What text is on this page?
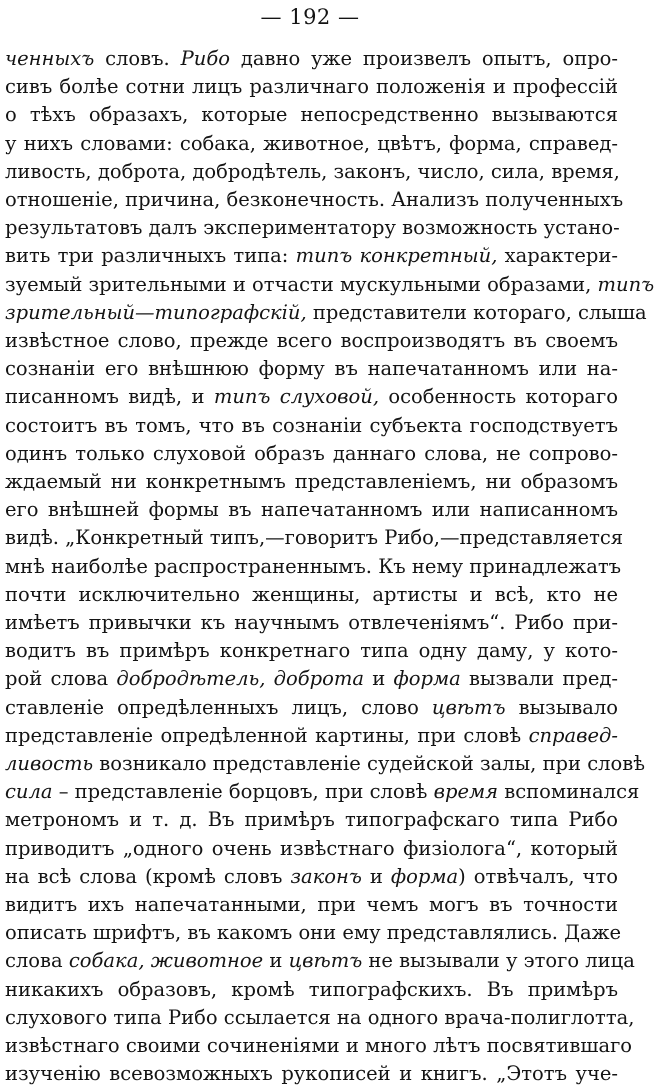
— 192 —
ченныхъ словъ. Рибо давно уже произвелъ опытъ, опро-
сивъ болѣе сотни лицъ различнаго положенія и профессій
о тѣхъ образахъ, которые непосредственно вызываются
у нихъ словами: собака, животное, цвѣтъ, форма, справед-
ливость, доброта, добродѣтель, законъ, число, сила, время,
отношеніе, причина, безконечность. Анализъ полученныхъ
результатовъ далъ экспериментатору возможность устано-
вить три различныхъ типа: типъ конкретный, характери-
зуемый зрительными и отчасти мускульными образами, типъ
зрительный—типографскій, представители котораго, слыша
извѣстное слово, прежде всего воспроизводятъ въ своемъ
сознаніи его внѣшнюю форму въ напечатанномъ или на-
писанномъ видѣ, и типъ слуховой, особенность котораго
состоитъ въ томъ, что въ сознаніи субъекта господствуетъ
одинъ только слуховой образъ даннаго слова, не сопрово-
ждаемый ни конкретнымъ представленіемъ, ни образомъ
его внѣшней формы въ напечатанномъ или написанномъ
видѣ. „Конкретный типъ,—говоритъ Рибо,—представляется
мнѣ наиболѣе распространеннымъ. Къ нему принадлежатъ
почти исключительно женщины, артисты и всѣ, кто не
имѣетъ привычки къ научнымъ отвлеченіямъ“. Рибо при-
водитъ въ примѣръ конкретнаго типа одну даму, у кото-
рой слова добродѣтель, доброта и форма вызвали пред-
ставленіе опредѣленныхъ лицъ, слово цвѣтъ вызывало
представленіе опредѣленной картины, при словѣ справед-
ливость возникало представленіе судейской залы, при словѣ
сила – представленіе борцовъ, при словѣ время вспоминался
метрономъ и т. д. Въ примѣръ типографскаго типа Рибо
приводитъ „одного очень извѣстнаго физіолога“, который
на всѣ слова (кромѣ словъ законъ и форма) отвѣчалъ, что
видитъ ихъ напечатанными, при чемъ могъ въ точности
описать шрифтъ, въ какомъ они ему представлялись. Даже
слова собака, животное и цвѣтъ не вызывали у этого лица
никакихъ образовъ, кромѣ типографскихъ. Въ примѣръ
слухового типа Рибо ссылается на одного врача-полиглотта,
извѣстнаго своими сочиненіями и много лѣтъ посвятившаго
изученію всевозможныхъ рукописей и книгъ. „Этотъ уче-
